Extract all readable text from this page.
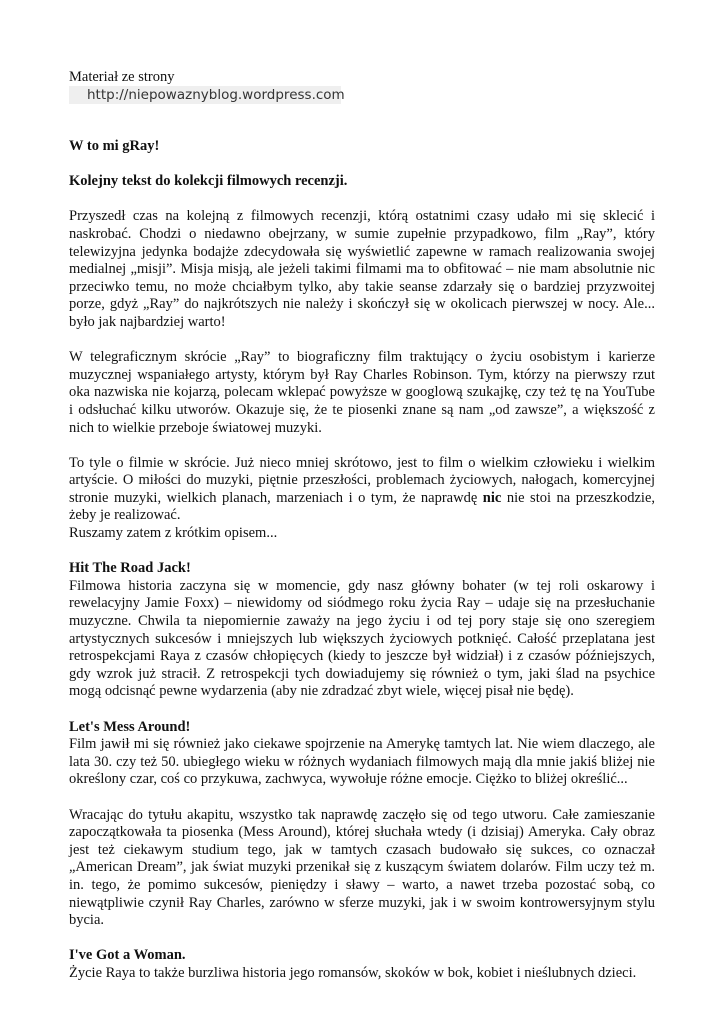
Materiał ze strony

http://niepowaznyblog.wordpress.com

W to mi gRay!

Kolejny tekst do kolekcji filmowych recenzji.

Przyszedł czas na kolejną z filmowych recenzji, którą ostatnimi czasy udało mi się sklecić i naskrobać. Chodzi o niedawno obejrzany, w sumie zupełnie przypadkowo, film „Ray”, który telewizyjna jedynka bodajże zdecydowała się wyświetlić zapewne w ramach realizowania swojej medialnej „misji”. Misja misją, ale jeżeli takimi filmami ma to obfitować – nie mam absolutnie nic przeciwko temu, no może chciałbym tylko, aby takie seanse zdarzały się o bardziej przyzwoitej porze, gdyż „Ray” do najkrótszych nie należy i skończył się w okolicach pierwszej w nocy. Ale... było jak najbardziej warto!

W telegraficznym skrócie „Ray” to biograficzny film traktujący o życiu osobistym i karierze muzycznej wspaniałego artysty, którym był Ray Charles Robinson. Tym, którzy na pierwszy rzut oka nazwiska nie kojarzą, polecam wklepać powyższe w googlową szukajkę, czy też tę na YouTube i odsłuchać kilku utworów. Okazuje się, że te piosenki znane są nam „od zawsze”, a większość z nich to wielkie przeboje światowej muzyki.

To tyle o filmie w skrócie. Już nieco mniej skrótowo, jest to film o wielkim człowieku i wielkim artyście. O miłości do muzyki, piętnie przeszłości, problemach życiowych, nałogach, komercyjnej stronie muzyki, wielkich planach, marzeniach i o tym, że naprawdę nic nie stoi na przeszkodzie, żeby je realizować.

Ruszamy zatem z krótkim opisem...

Hit The Road Jack!

Filmowa historia zaczyna się w momencie, gdy nasz główny bohater (w tej roli oskarowy i rewelacyjny Jamie Foxx) – niewidomy od siódmego roku życia Ray – udaje się na przesłuchanie muzyczne. Chwila ta niepomiernie zaważy na jego życiu i od tej pory staje się ono szeregiem artystycznych sukcesów i mniejszych lub większych życiowych potknięć. Całość przeplatana jest retrospekcjami Raya z czasów chłopięcych (kiedy to jeszcze był widział) i z czasów późniejszych, gdy wzrok już stracił. Z retrospekcji tych dowiadujemy się również o tym, jaki ślad na psychice mogą odcisnąć pewne wydarzenia (aby nie zdradzać zbyt wiele, więcej pisał nie będę).

Let's Mess Around!

Film jawił mi się również jako ciekawe spojrzenie na Amerykę tamtych lat. Nie wiem dlaczego, ale lata 30. czy też 50. ubiegłego wieku w różnych wydaniach filmowych mają dla mnie jakiś bliżej nie określony czar, coś co przykuwa, zachwyca, wywołuje różne emocje. Ciężko to bliżej określić...

Wracając do tytułu akapitu, wszystko tak naprawdę zaczęło się od tego utworu. Całe zamieszanie zapoczątkowała ta piosenka (Mess Around), której słuchała wtedy (i dzisiaj) Ameryka. Cały obraz jest też ciekawym studium tego, jak w tamtych czasach budowało się sukces, co oznaczał „American Dream”, jak świat muzyki przenikał się z kuszącym światem dolarów. Film uczy też m. in. tego, że pomimo sukcesów, pieniędzy i sławy – warto, a nawet trzeba pozostać sobą, co niewątpliwie czynił Ray Charles, zarówno w sferze muzyki, jak i w swoim kontrowersyjnym stylu bycia.

I've Got a Woman.

Życie Raya to także burzliwa historia jego romansów, skoków w bok, kobiet i nieślubnych dzieci.
